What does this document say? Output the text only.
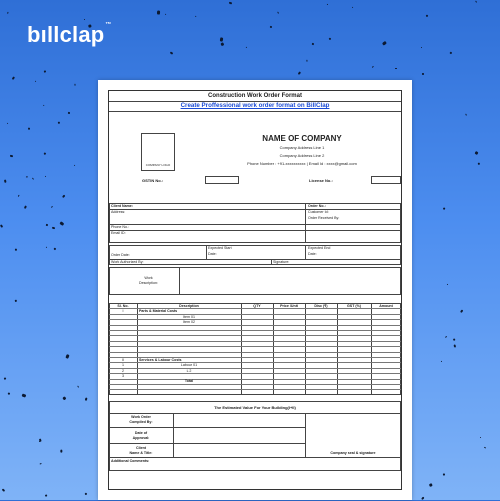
bıllclap™
Construction Work Order Format
Create Proffessional work order format on BillClap
COMPANY LOGO
NAME OF COMPANY
Company Address Line 1
Company Address Line 2
Phone Number : +91-xxxxxxxxxx | Email Id : xxxx@gmail.com
GSTIN No.:	License No.:
Client Name:
Address:
Phone No.:
Email ID:
Order No.:
Customer Id:
Order Received By:
Order Date:
Expected Start
Date:
Expected End
Date:
Work Authorized By:	Signature:
Work
Description:
Sl. No.	Description	QTY	Price /Unit	Disc (₹)	GST (%)	Amount
I	Parts & Material Costs
Item 01
Item 02
II	Services & Labour Costs
1	Labour 01
2	L 2
3
Total
The Estimated Value For Your Building(I+II)
Work Order
Compiled By:
Date of
Approval:
Client
Name & Title:	Company seal & signature
Additional Comments:
